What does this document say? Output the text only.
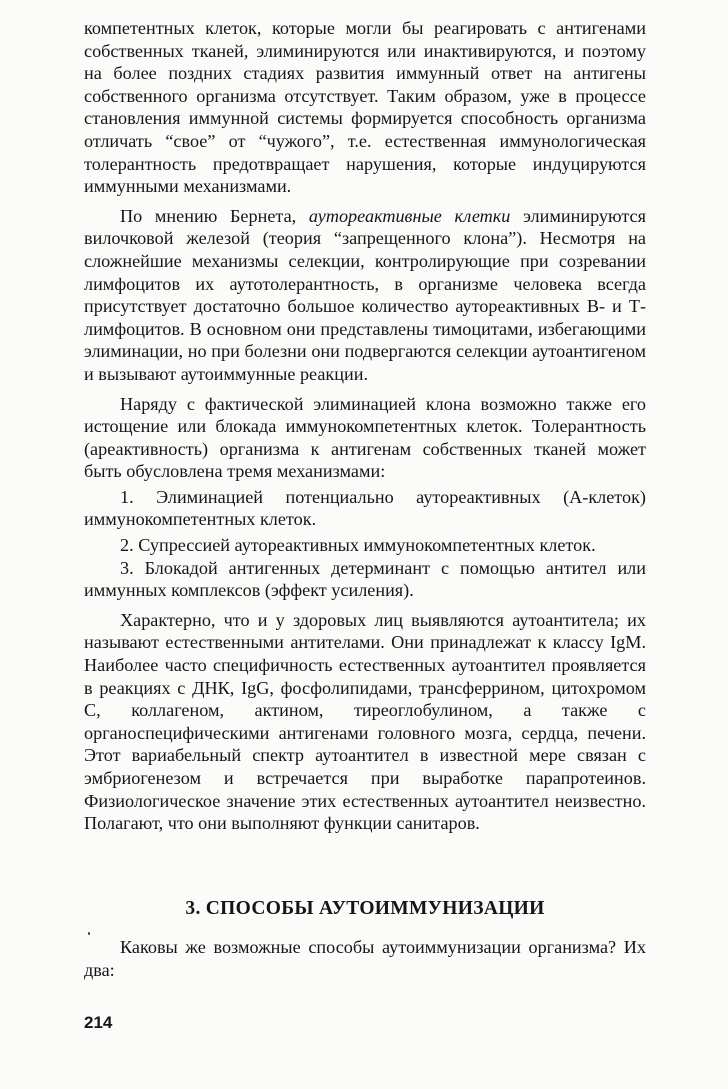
компетентных клеток, которые могли бы реагировать с антигенами собственных тканей, элиминируются или инактивируются, и поэтому на более поздних стадиях развития иммунный ответ на антигены собственного организма отсутствует. Таким образом, уже в процессе становления иммунной системы формируется способность организма отличать “свое” от “чужого”, т.е. естественная иммунологическая толерантность предотвращает нарушения, которые индуцируются иммунными механизмами.

По мнению Бернета, аутореактивные клетки элиминируются вилочковой железой (теория “запрещенного клона”). Несмотря на сложнейшие механизмы селекции, контролирующие при созревании лимфоцитов их аутотолерантность, в организме человека всегда присутствует достаточно большое количество аутореактивных В- и Т-лимфоцитов. В основном они представлены тимоцитами, избегающими элиминации, но при болезни они подвергаются селекции аутоантигеном и вызывают аутоиммунные реакции.

Наряду с фактической элиминацией клона возможно также его истощение или блокада иммунокомпетентных клеток. Толерантность (ареактивность) организма к антигенам собственных тканей может быть обусловлена тремя механизмами:

1. Элиминацией потенциально аутореактивных (А-клеток) иммунокомпетентных клеток.

2. Супрессией аутореактивных иммунокомпетентных клеток.

3. Блокадой антигенных детерминант с помощью антител или иммунных комплексов (эффект усиления).

Характерно, что и у здоровых лиц выявляются аутоантитела; их называют естественными антителами. Они принадлежат к классу IgM. Наиболее часто специфичность естественных аутоантител проявляется в реакциях с ДНК, IgG, фосфолипидами, трансферрином, цитохромом С, коллагеном, актином, тиреоглобулином, а также с органоспецифическими антигенами головного мозга, сердца, печени. Этот вариабельный спектр аутоантител в известной мере связан с эмбриогенезом и встречается при выработке парапротеинов. Физиологическое значение этих естественных аутоантител неизвестно. Полагают, что они выполняют функции санитаров.

3. СПОСОБЫ АУТОИММУНИЗАЦИИ

Каковы же возможные способы аутоиммунизации организма? Их два:

214
